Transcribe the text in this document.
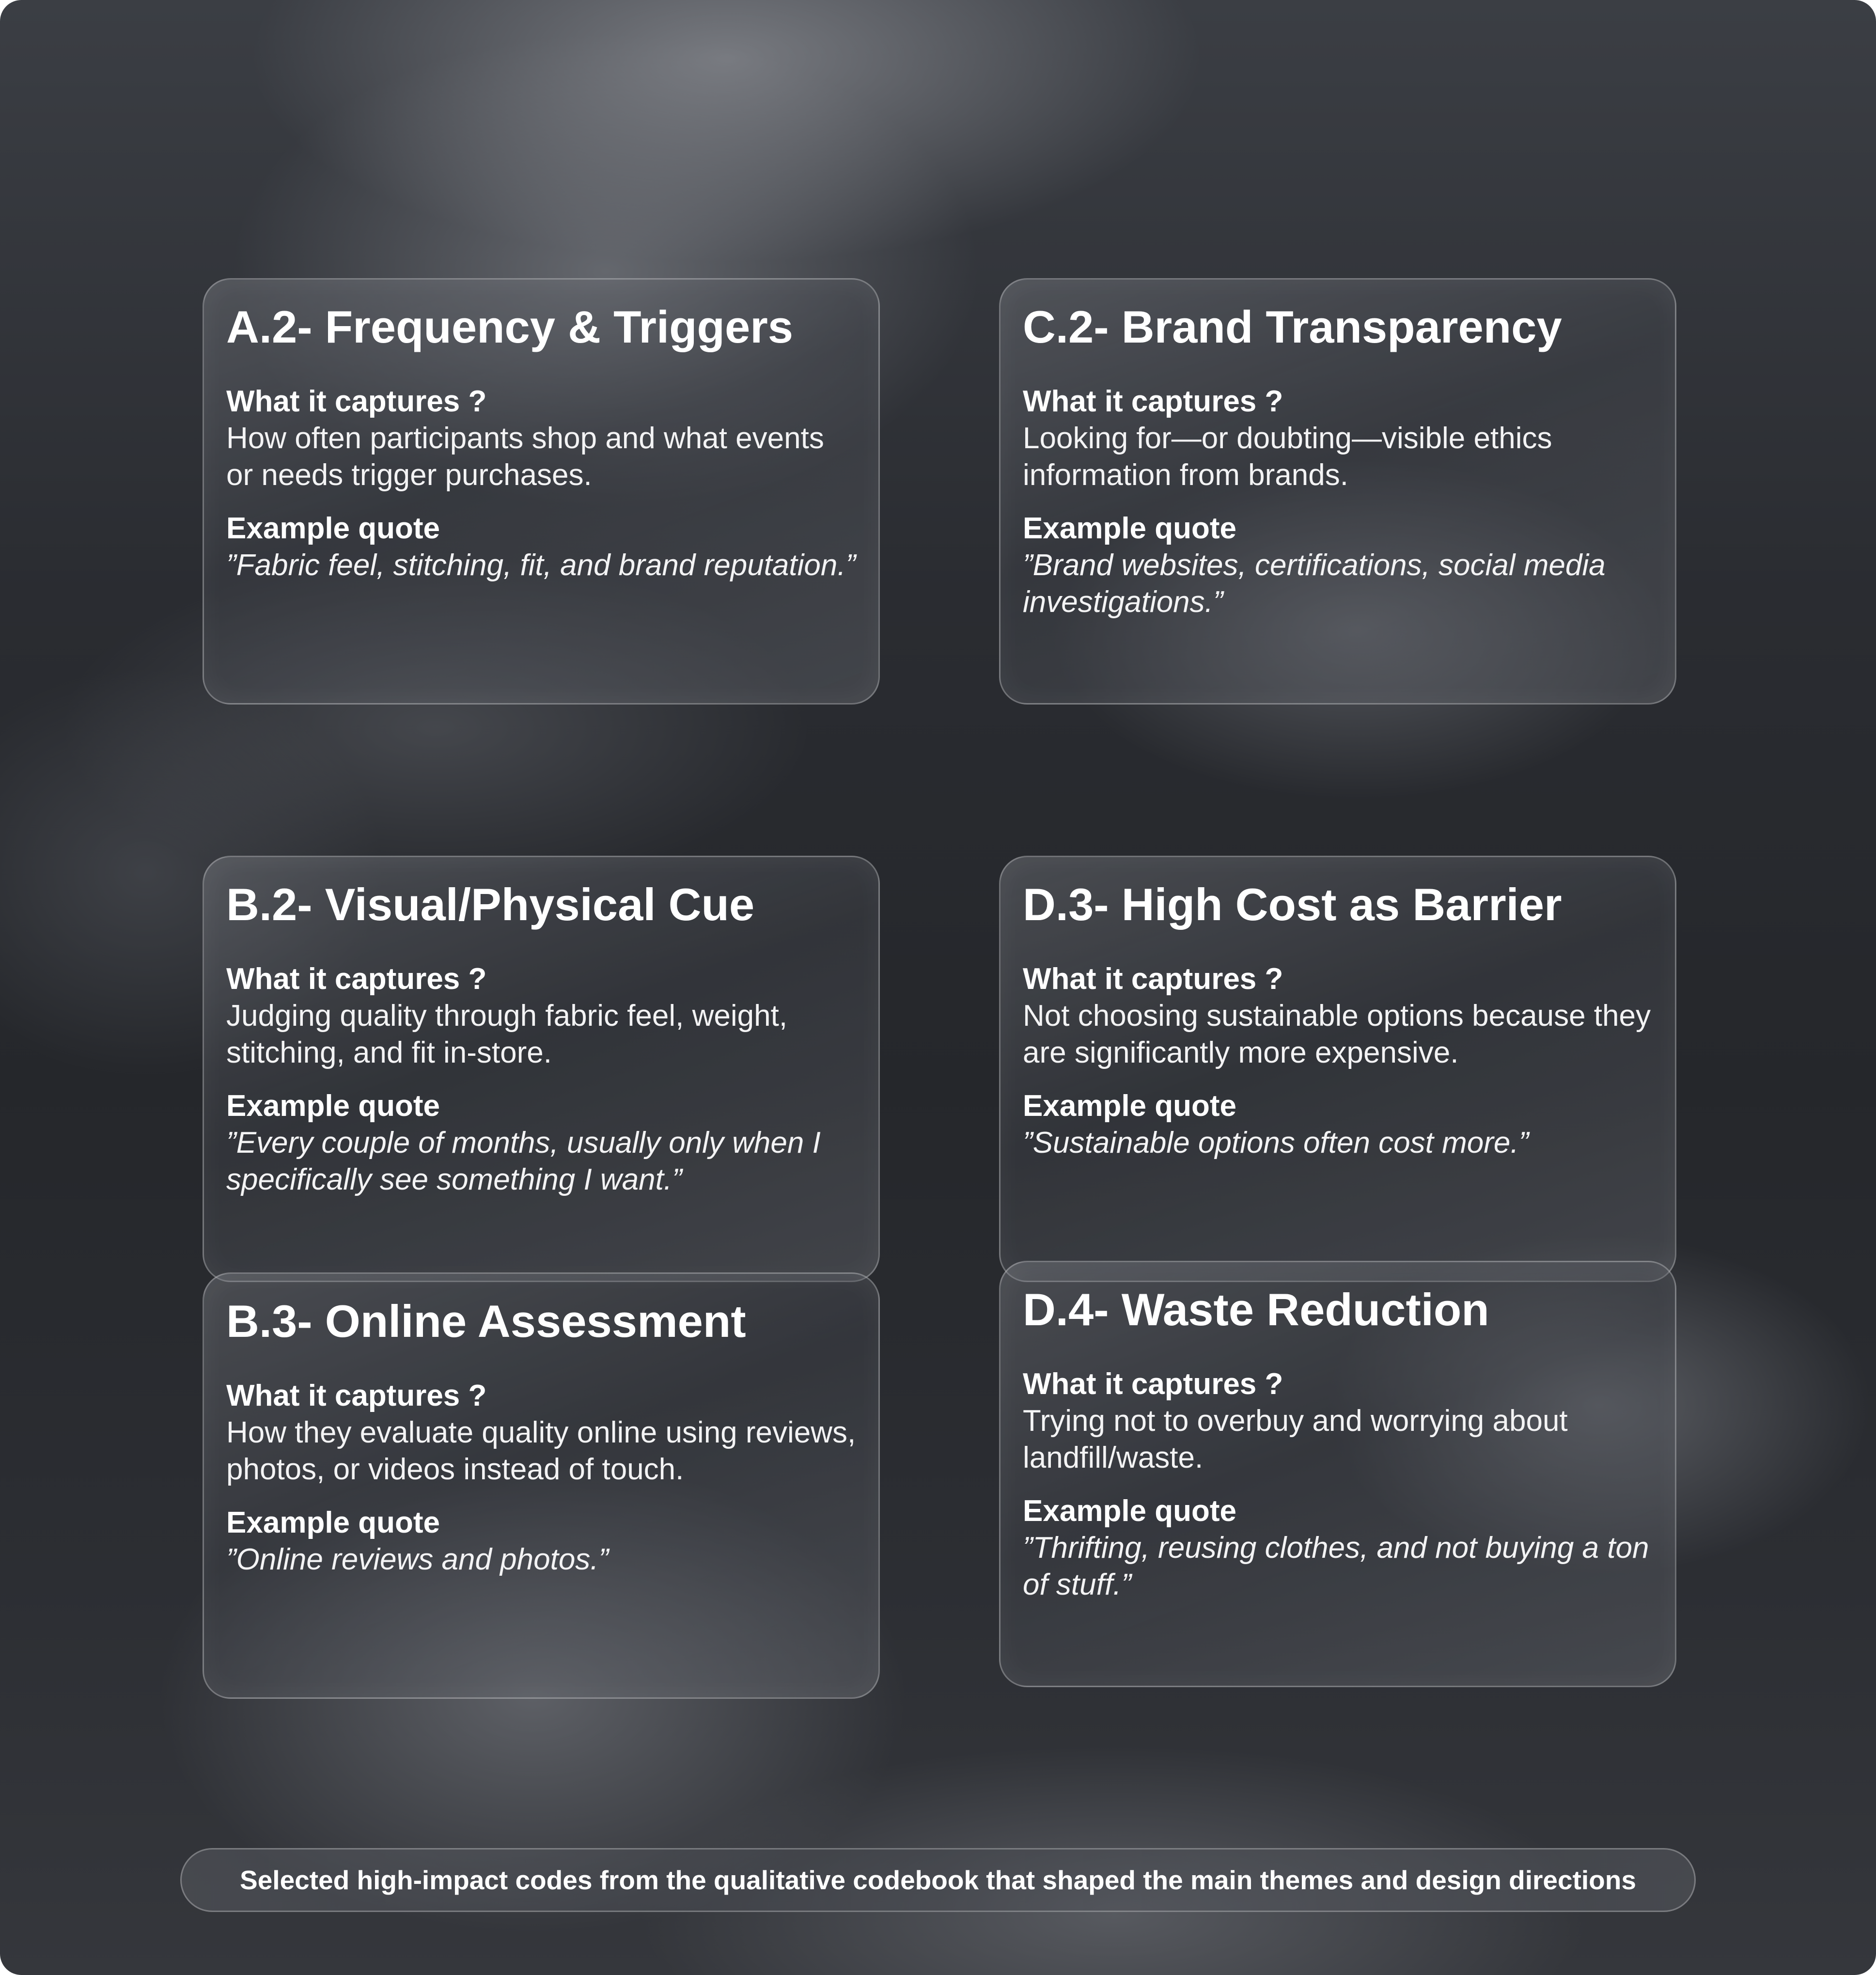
A.2- Frequency & Triggers
What it captures ?
How often participants shop and what events or needs trigger purchases.
Example quote
”Fabric feel, stitching, fit, and brand reputation.”
C.2- Brand Transparency
What it captures ?
Looking for—or doubting—visible ethics information from brands.
Example quote
”Brand websites, certifications, social media investigations.”
B.2- Visual/Physical Cue
What it captures ?
Judging quality through fabric feel, weight, stitching, and fit in-store.
Example quote
”Every couple of months, usually only when I specifically see something I want.”
D.3- High Cost as Barrier
What it captures ?
Not choosing sustainable options because they are significantly more expensive.
Example quote
”Sustainable options often cost more.”
B.3- Online Assessment
What it captures ?
How they evaluate quality online using reviews, photos, or videos instead of touch.
Example quote
”Online reviews and photos.”
D.4- Waste Reduction
What it captures ?
Trying not to overbuy and worrying about landfill/waste.
Example quote
”Thrifting, reusing clothes, and not buying a ton of stuff.”
Selected high-impact codes from the qualitative codebook that shaped the main themes and design directions
